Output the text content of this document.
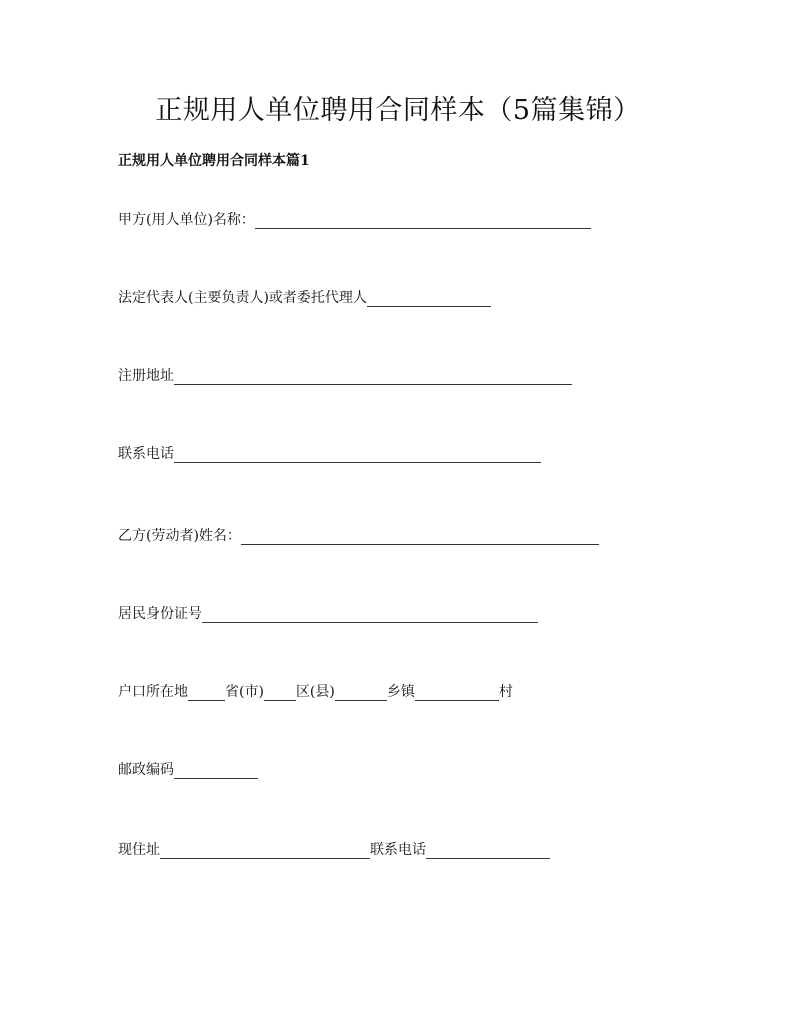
正规用人单位聘用合同样本（5篇集锦）
正规用人单位聘用合同样本篇1
甲方(用人单位)名称：
法定代表人(主要负责人)或者委托代理人
注册地址
联系电话
乙方(劳动者)姓名：
居民身份证号
户口所在地	省(市) 区(县)	乡镇	村
邮政编码
现住址	联系电话
